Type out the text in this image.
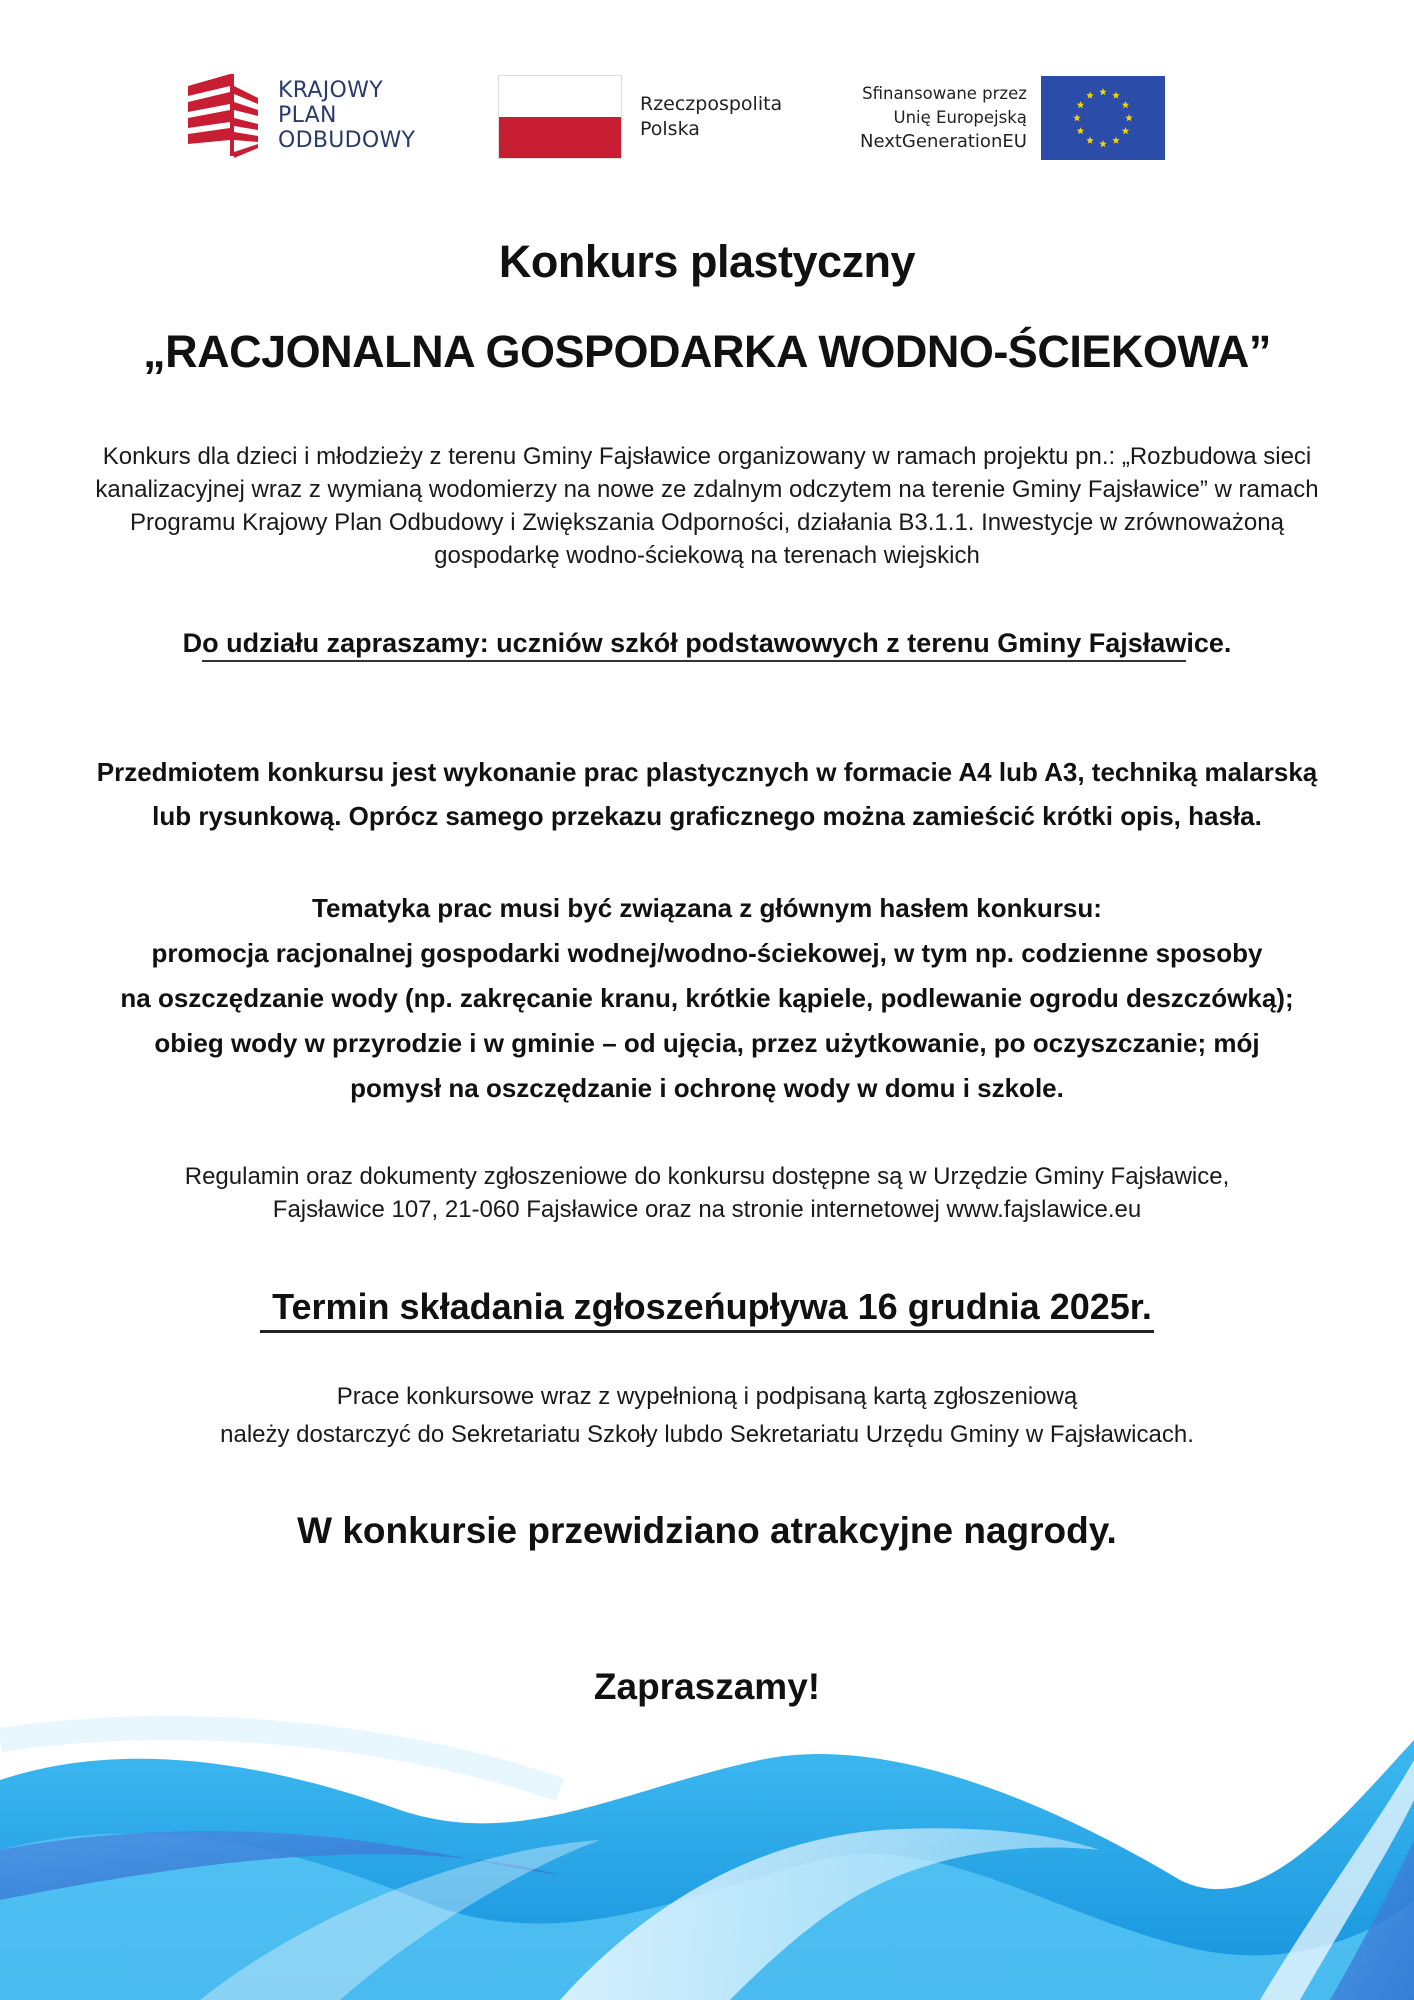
KRAJOWY
PLAN
ODBUDOWY
Rzeczpospolita
Polska
Sfinansowane przez
Unię Europejską
NextGenerationEU
Konkurs plastyczny
„RACJONALNA GOSPODARKA WODNO-ŚCIEKOWA”
Konkurs dla dzieci i młodzieży z terenu Gminy Fajsławice organizowany w ramach projektu pn.: „Rozbudowa sieci
kanalizacyjnej wraz z wymianą wodomierzy na nowe ze zdalnym odczytem na terenie Gminy Fajsławice” w ramach
Programu Krajowy Plan Odbudowy i Zwiększania Odporności, działania B3.1.1. Inwestycje w zrównoważoną
gospodarkę wodno-ściekową na terenach wiejskich
Do udziału zapraszamy: uczniów szkół podstawowych z terenu Gminy Fajsławice.
Przedmiotem konkursu jest wykonanie prac plastycznych w formacie A4 lub A3, techniką malarską
lub rysunkową. Oprócz samego przekazu graficznego można zamieścić krótki opis, hasła.
Tematyka prac musi być związana z głównym hasłem konkursu:
promocja racjonalnej gospodarki wodnej/wodno-ściekowej, w tym np. codzienne sposoby
na oszczędzanie wody (np. zakręcanie kranu, krótkie kąpiele, podlewanie ogrodu deszczówką);
obieg wody w przyrodzie i w gminie – od ujęcia, przez użytkowanie, po oczyszczanie; mój
pomysł na oszczędzanie i ochronę wody w domu i szkole.
Regulamin oraz dokumenty zgłoszeniowe do konkursu dostępne są w Urzędzie Gminy Fajsławice,
Fajsławice 107, 21-060 Fajsławice oraz na stronie internetowej www.fajslawice.eu
Termin składania zgłoszeńupływa 16 grudnia 2025r.
Prace konkursowe wraz z wypełnioną i podpisaną kartą zgłoszeniową
należy dostarczyć do Sekretariatu Szkoły lubdo Sekretariatu Urzędu Gminy w Fajsławicach.
W konkursie przewidziano atrakcyjne nagrody.
Zapraszamy!
